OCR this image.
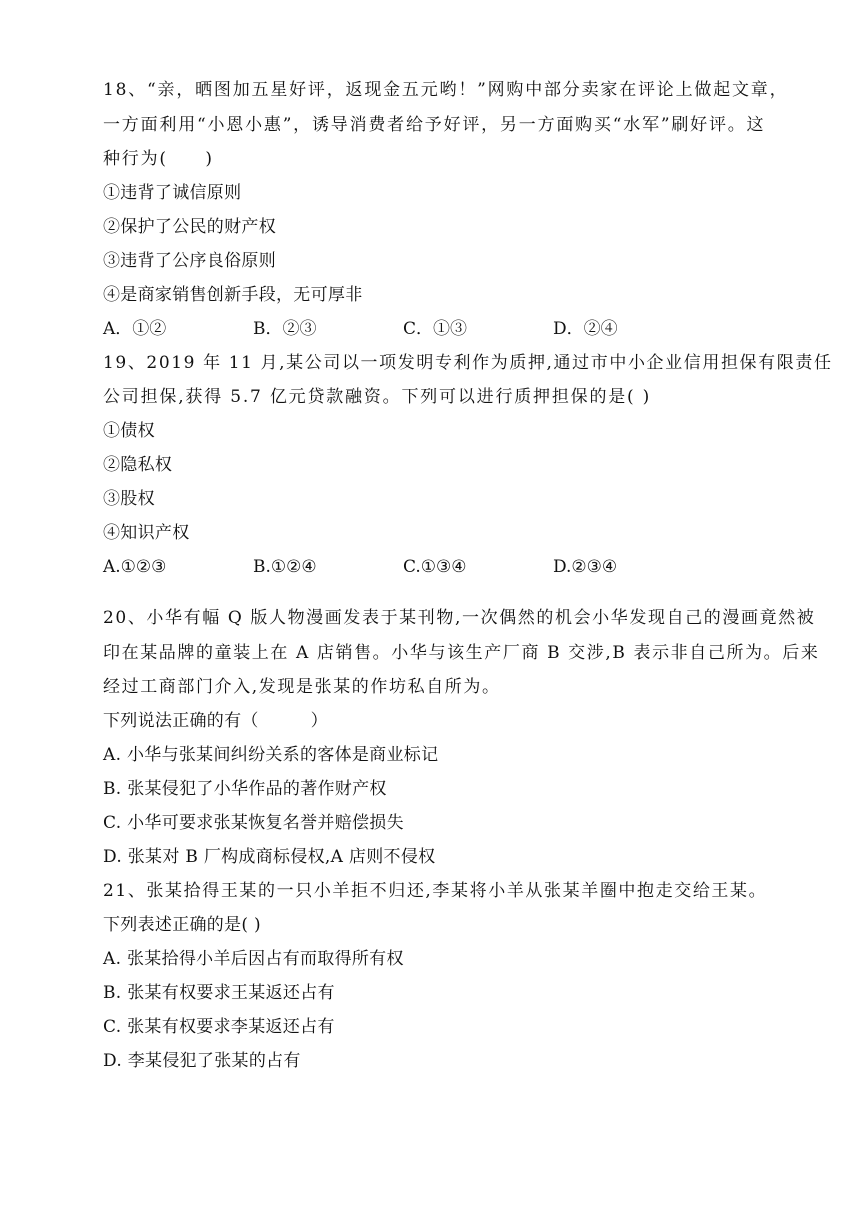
18、“亲，晒图加五星好评，返现金五元哟！”网购中部分卖家在评论上做起文章，
一方面利用“小恩小惠”，诱导消费者给予好评，另一方面购买“水军”刷好评。这
种行为(　　)
①违背了诚信原则
②保护了公民的财产权
③违背了公序良俗原则
④是商家销售创新手段，无可厚非
A．①②	B．②③	C．①③	D．②④
19、2019 年 11 月,某公司以一项发明专利作为质押,通过市中小企业信用担保有限责任
公司担保,获得 5.7 亿元贷款融资。下列可以进行质押担保的是( )
①债权
②隐私权
③股权
④知识产权
A.①②③	B.①②④	C.①③④	D.②③④
20、小华有幅 Q 版人物漫画发表于某刊物,一次偶然的机会小华发现自己的漫画竟然被
印在某品牌的童装上在 A 店销售。小华与该生产厂商 B 交涉,B 表示非自己所为。后来
经过工商部门介入,发现是张某的作坊私自所为。
下列说法正确的有（　　　）
A. 小华与张某间纠纷关系的客体是商业标记
B. 张某侵犯了小华作品的著作财产权
C. 小华可要求张某恢复名誉并赔偿损失
D. 张某对 B 厂构成商标侵权,A 店则不侵权
21、张某拾得王某的一只小羊拒不归还,李某将小羊从张某羊圈中抱走交给王某。
下列表述正确的是( )
A. 张某拾得小羊后因占有而取得所有权
B. 张某有权要求王某返还占有
C. 张某有权要求李某返还占有
D. 李某侵犯了张某的占有
